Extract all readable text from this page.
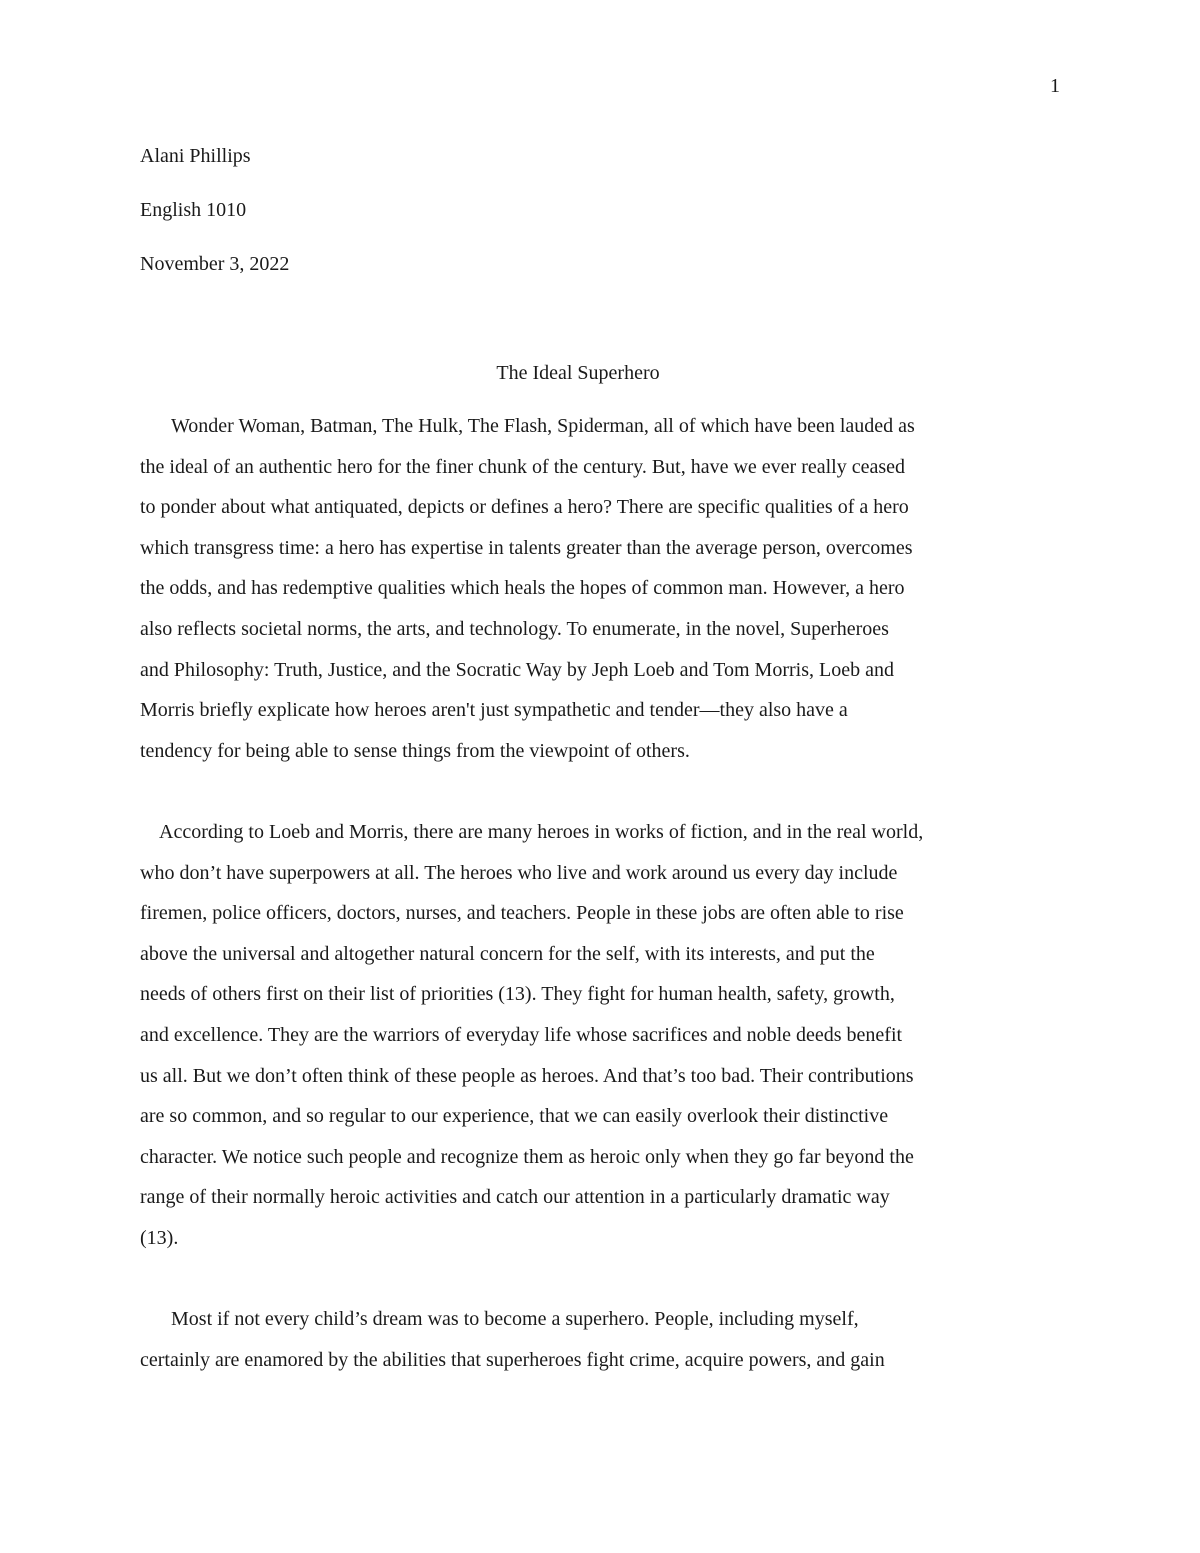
1
Alani Phillips
English 1010
November 3, 2022
The Ideal Superhero
Wonder Woman, Batman, The Hulk, The Flash, Spiderman, all of which have been lauded as
the ideal of an authentic hero for the finer chunk of the century. But, have we ever really ceased
to ponder about what antiquated, depicts or defines a hero? There are specific qualities of a hero
which transgress time: a hero has expertise in talents greater than the average person, overcomes
the odds, and has redemptive qualities which heals the hopes of common man. However, a hero
also reflects societal norms, the arts, and technology. To enumerate, in the novel, Superheroes
and Philosophy: Truth, Justice, and the Socratic Way by Jeph Loeb and Tom Morris, Loeb and
Morris briefly explicate how heroes aren't just sympathetic and tender—they also have a
tendency for being able to sense things from the viewpoint of others.
According to Loeb and Morris, there are many heroes in works of fiction, and in the real world,
who don’t have superpowers at all. The heroes who live and work around us every day include
firemen, police officers, doctors, nurses, and teachers. People in these jobs are often able to rise
above the universal and altogether natural concern for the self, with its interests, and put the
needs of others first on their list of priorities (13). They fight for human health, safety, growth,
and excellence. They are the warriors of everyday life whose sacrifices and noble deeds benefit
us all. But we don’t often think of these people as heroes. And that’s too bad. Their contributions
are so common, and so regular to our experience, that we can easily overlook their distinctive
character. We notice such people and recognize them as heroic only when they go far beyond the
range of their normally heroic activities and catch our attention in a particularly dramatic way
(13).
Most if not every child’s dream was to become a superhero. People, including myself,
certainly are enamored by the abilities that superheroes fight crime, acquire powers, and gain
